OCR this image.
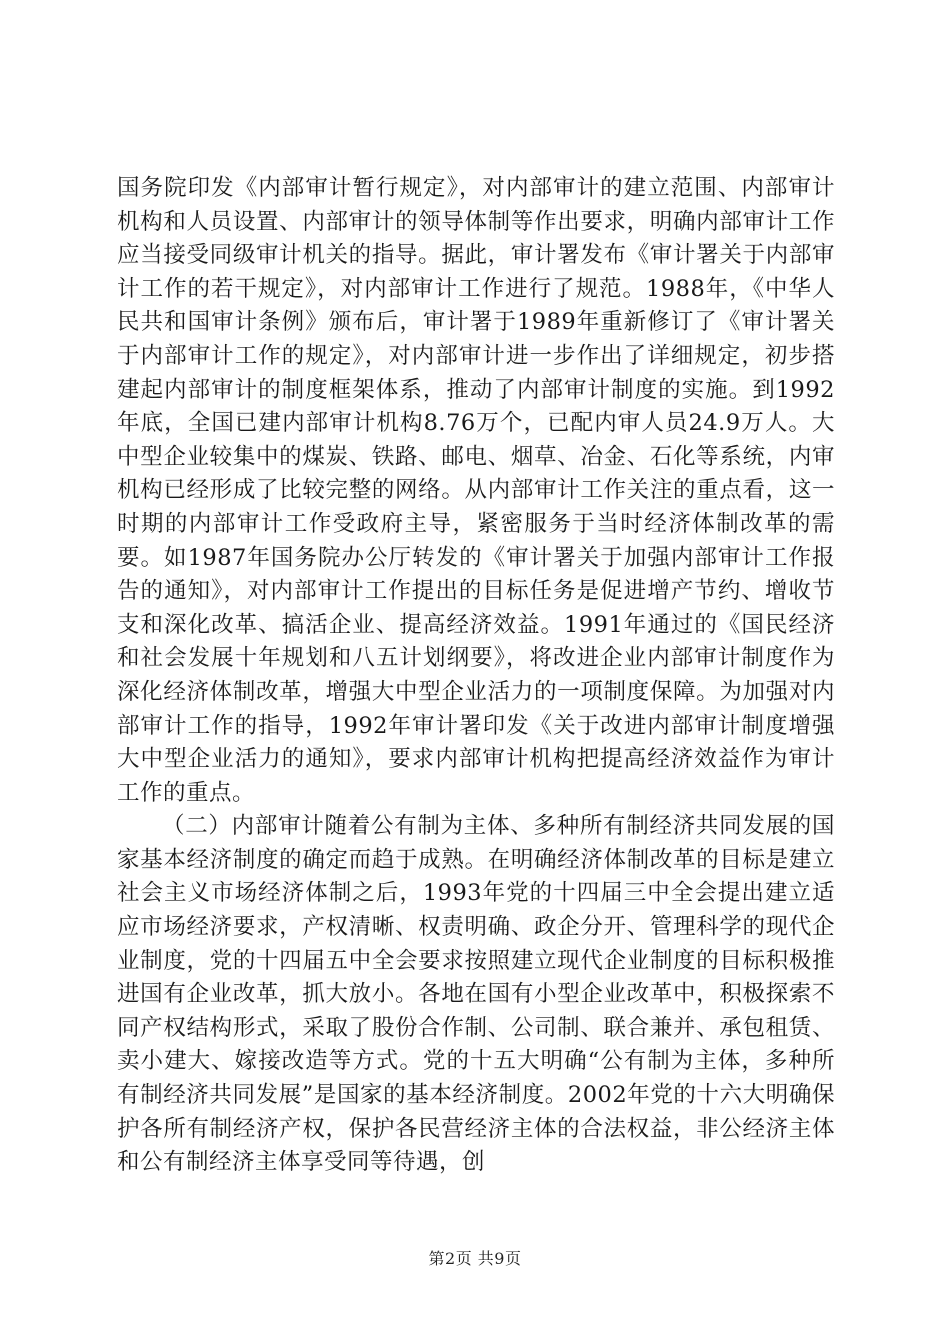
国务院印发《内部审计暂行规定》，对内部审计的建立范围、内部审计机构和人员设置、内部审计的领导体制等作出要求，明确内部审计工作应当接受同级审计机关的指导。据此，审计署发布《审计署关于内部审计工作的若干规定》，对内部审计工作进行了规范。1988年，《中华人民共和国审计条例》颁布后，审计署于1989年重新修订了《审计署关于内部审计工作的规定》，对内部审计进一步作出了详细规定，初步搭建起内部审计的制度框架体系，推动了内部审计制度的实施。到1992年底，全国已建内部审计机构8.76万个，已配内审人员24.9万人。大中型企业较集中的煤炭、铁路、邮电、烟草、冶金、石化等系统，内审机构已经形成了比较完整的网络。从内部审计工作关注的重点看，这一时期的内部审计工作受政府主导，紧密服务于当时经济体制改革的需要。如1987年国务院办公厅转发的《审计署关于加强内部审计工作报告的通知》，对内部审计工作提出的目标任务是促进增产节约、增收节支和深化改革、搞活企业、提高经济效益。1991年通过的《国民经济和社会发展十年规划和八五计划纲要》，将改进企业内部审计制度作为深化经济体制改革，增强大中型企业活力的一项制度保障。为加强对内部审计工作的指导，1992年审计署印发《关于改进内部审计制度增强大中型企业活力的通知》，要求内部审计机构把提高经济效益作为审计工作的重点。

（二）内部审计随着公有制为主体、多种所有制经济共同发展的国家基本经济制度的确定而趋于成熟。在明确经济体制改革的目标是建立社会主义市场经济体制之后，1993年党的十四届三中全会提出建立适应市场经济要求，产权清晰、权责明确、政企分开、管理科学的现代企业制度，党的十四届五中全会要求按照建立现代企业制度的目标积极推进国有企业改革，抓大放小。各地在国有小型企业改革中，积极探索不同产权结构形式，采取了股份合作制、公司制、联合兼并、承包租赁、卖小建大、嫁接改造等方式。党的十五大明确“公有制为主体，多种所有制经济共同发展”是国家的基本经济制度。2002年党的十六大明确保护各所有制经济产权，保护各民营经济主体的合法权益，非公经济主体和公有制经济主体享受同等待遇，创

第2页 共9页
